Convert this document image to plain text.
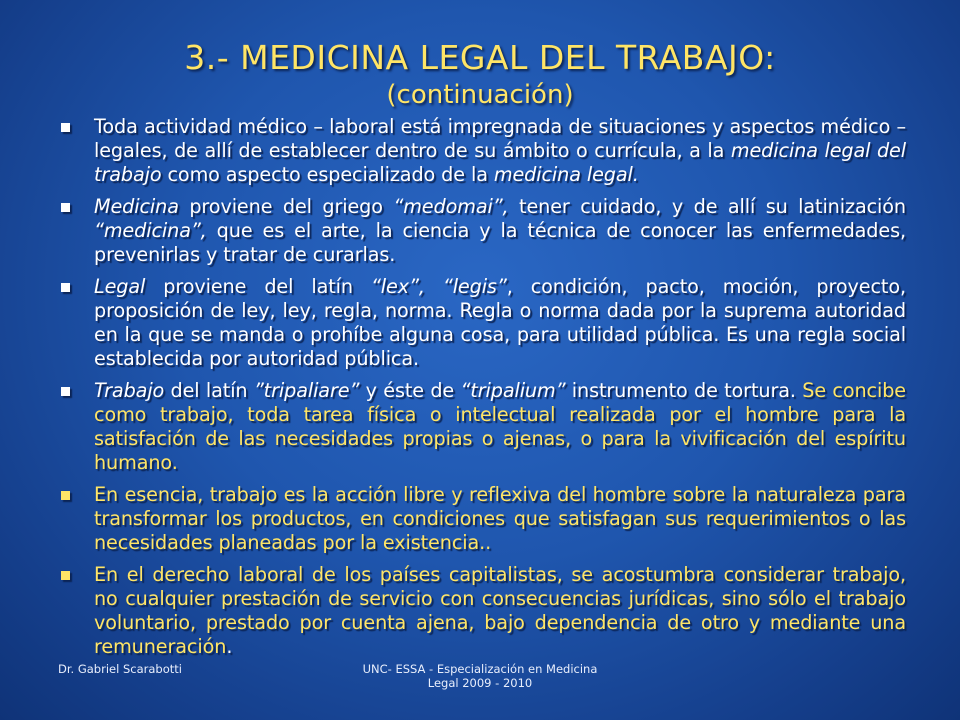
3.- MEDICINA LEGAL DEL TRABAJO:
(continuación)
Toda actividad médico – laboral está impregnada de situaciones y aspectos médico – legales, de allí de establecer dentro de su ámbito o currícula, a la medicina legal del trabajo como aspecto especializado de la medicina legal.
Medicina proviene del griego “medomai”, tener cuidado, y de allí su latinización “medicina”, que es el arte, la ciencia y la técnica de conocer las enfermedades, prevenirlas y tratar de curarlas.
Legal proviene del latín “lex”, “legis”, condición, pacto, moción, proyecto, proposición de ley, ley, regla, norma. Regla o norma dada por la suprema autoridad en la que se manda o prohíbe alguna cosa, para utilidad pública. Es una regla social establecida por autoridad pública.
Trabajo del latín ”tripaliare” y éste de “tripalium” instrumento de tortura. Se concibe como trabajo, toda tarea física o intelectual realizada por el hombre para la satisfación de las necesidades propias o ajenas, o para la vivificación del espíritu humano.
En esencia, trabajo es la acción libre y reflexiva del hombre sobre la naturaleza para transformar los productos, en condiciones que satisfagan sus requerimientos o las necesidades planeadas por la existencia..
En el derecho laboral de los países capitalistas, se acostumbra considerar trabajo, no cualquier prestación de servicio con consecuencias jurídicas, sino sólo el trabajo voluntario, prestado por cuenta ajena, bajo dependencia de otro y mediante una remuneración.
Dr. Gabriel Scarabotti	UNC- ESSA - Especialización en Medicina
Legal 2009 - 2010
